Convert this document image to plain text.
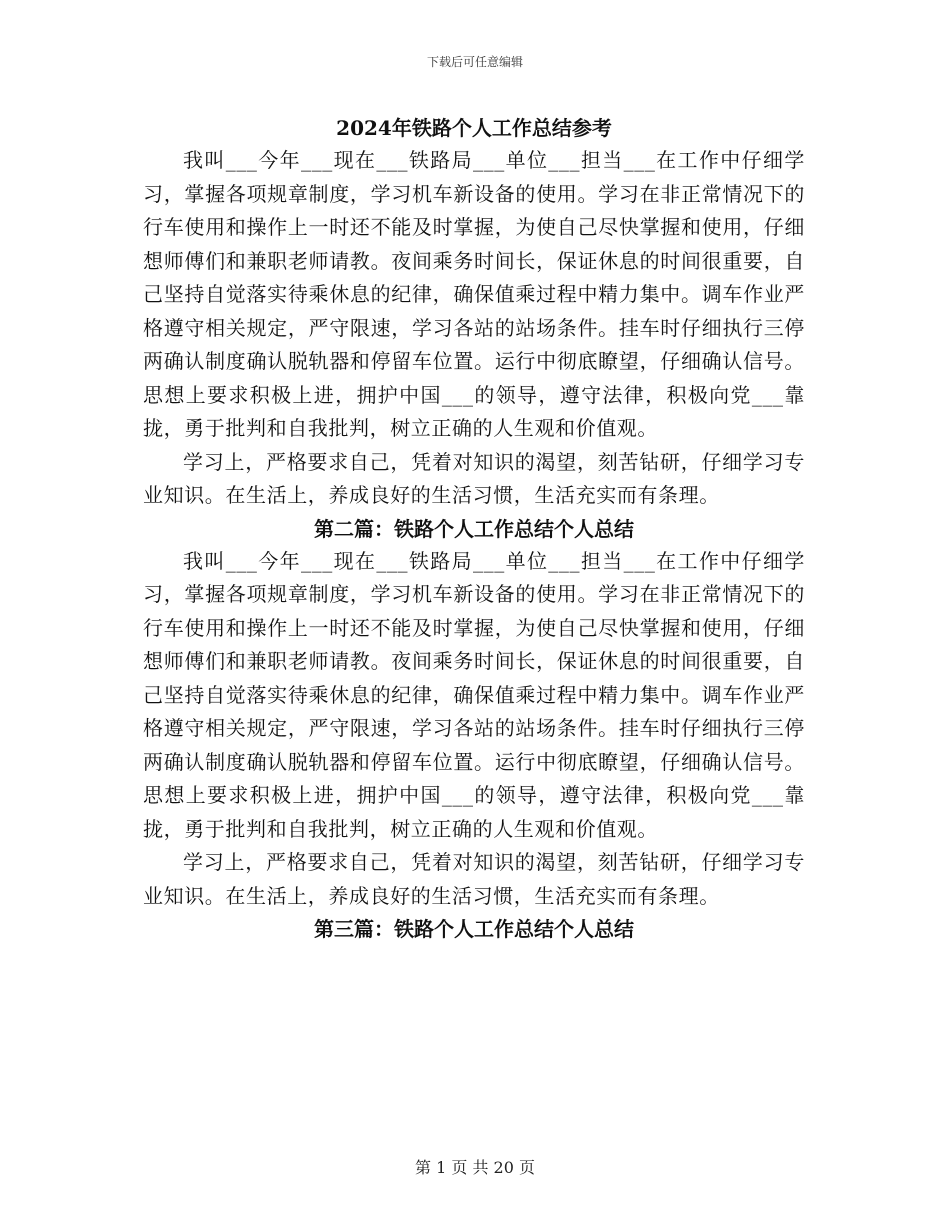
下载后可任意编辑
2024年铁路个人工作总结参考

我叫___今年___现在___铁路局___单位___担当___在工作中仔细学习，掌握各项规章制度，学习机车新设备的使用。学习在非正常情况下的行车使用和操作上一时还不能及时掌握，为使自己尽快掌握和使用，仔细想师傅们和兼职老师请教。夜间乘务时间长，保证休息的时间很重要，自己坚持自觉落实待乘休息的纪律，确保值乘过程中精力集中。调车作业严格遵守相关规定，严守限速，学习各站的站场条件。挂车时仔细执行三停两确认制度确认脱轨器和停留车位置。运行中彻底瞭望，仔细确认信号。思想上要求积极上进，拥护中国___的领导，遵守法律，积极向党___靠拢，勇于批判和自我批判，树立正确的人生观和价值观。

学习上，严格要求自己，凭着对知识的渴望，刻苦钻研，仔细学习专业知识。在生活上，养成良好的生活习惯，生活充实而有条理。

第二篇：铁路个人工作总结个人总结

我叫___今年___现在___铁路局___单位___担当___在工作中仔细学习，掌握各项规章制度，学习机车新设备的使用。学习在非正常情况下的行车使用和操作上一时还不能及时掌握，为使自己尽快掌握和使用，仔细想师傅们和兼职老师请教。夜间乘务时间长，保证休息的时间很重要，自己坚持自觉落实待乘休息的纪律，确保值乘过程中精力集中。调车作业严格遵守相关规定，严守限速，学习各站的站场条件。挂车时仔细执行三停两确认制度确认脱轨器和停留车位置。运行中彻底瞭望，仔细确认信号。思想上要求积极上进，拥护中国___的领导，遵守法律，积极向党___靠拢，勇于批判和自我批判，树立正确的人生观和价值观。

学习上，严格要求自己，凭着对知识的渴望，刻苦钻研，仔细学习专业知识。在生活上，养成良好的生活习惯，生活充实而有条理。

第三篇：铁路个人工作总结个人总结
第 1 页 共 20 页
